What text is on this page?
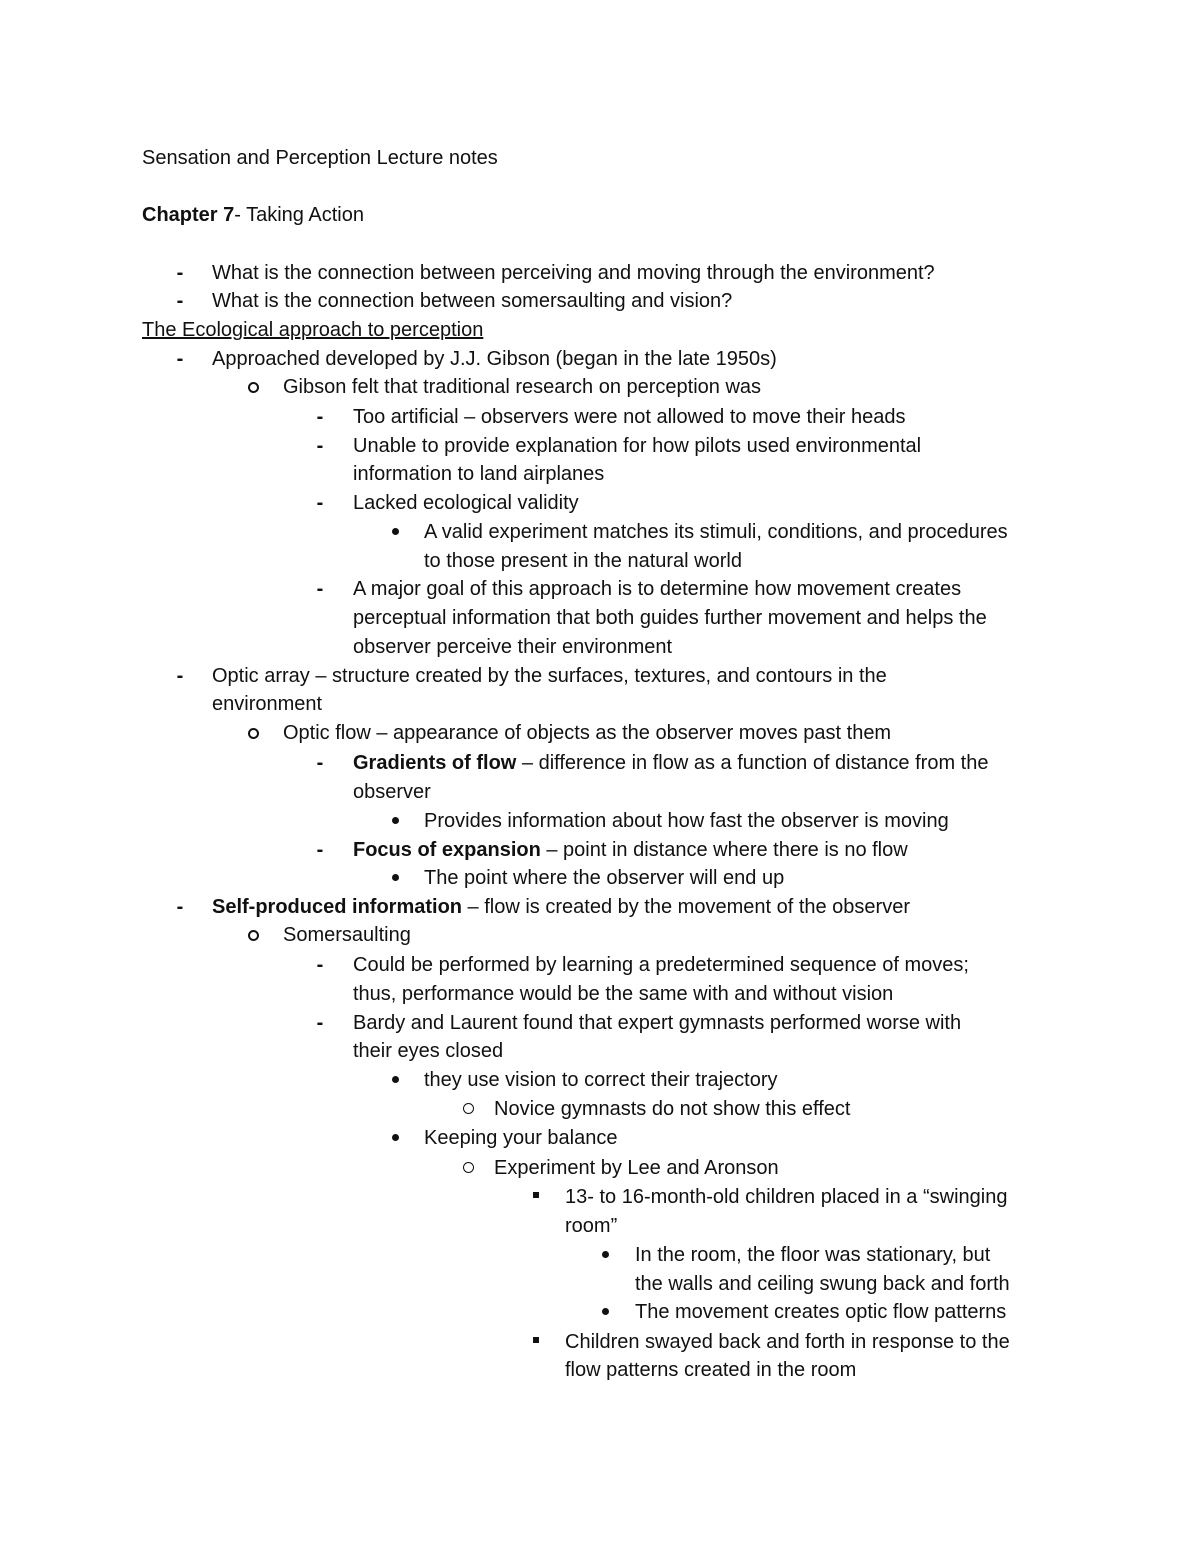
Sensation and Perception Lecture notes
Chapter 7- Taking Action
-	What is the connection between perceiving and moving through the environment?
-	What is the connection between somersaulting and vision?
The Ecological approach to perception
-	Approached developed by J.J. Gibson (began in the late 1950s)
Gibson felt that traditional research on perception was
-	Too artificial – observers were not allowed to move their heads
-	Unable to provide explanation for how pilots used environmental
information to land airplanes
-	Lacked ecological validity
A valid experiment matches its stimuli, conditions, and procedures
to those present in the natural world
-	A major goal of this approach is to determine how movement creates
perceptual information that both guides further movement and helps the
observer perceive their environment
-	Optic array – structure created by the surfaces, textures, and contours in the
environment
Optic flow – appearance of objects as the observer moves past them
-	Gradients of flow – difference in flow as a function of distance from the
observer
Provides information about how fast the observer is moving
-	Focus of expansion – point in distance where there is no flow
The point where the observer will end up
-	Self-produced information – flow is created by the movement of the observer
Somersaulting
-	Could be performed by learning a predetermined sequence of moves;
thus, performance would be the same with and without vision
-	Bardy and Laurent found that expert gymnasts performed worse with
their eyes closed
they use vision to correct their trajectory
Novice gymnasts do not show this effect
Keeping your balance
Experiment by Lee and Aronson
13- to 16-month-old children placed in a “swinging
room”
In the room, the floor was stationary, but
the walls and ceiling swung back and forth
The movement creates optic flow patterns
Children swayed back and forth in response to the
flow patterns created in the room
